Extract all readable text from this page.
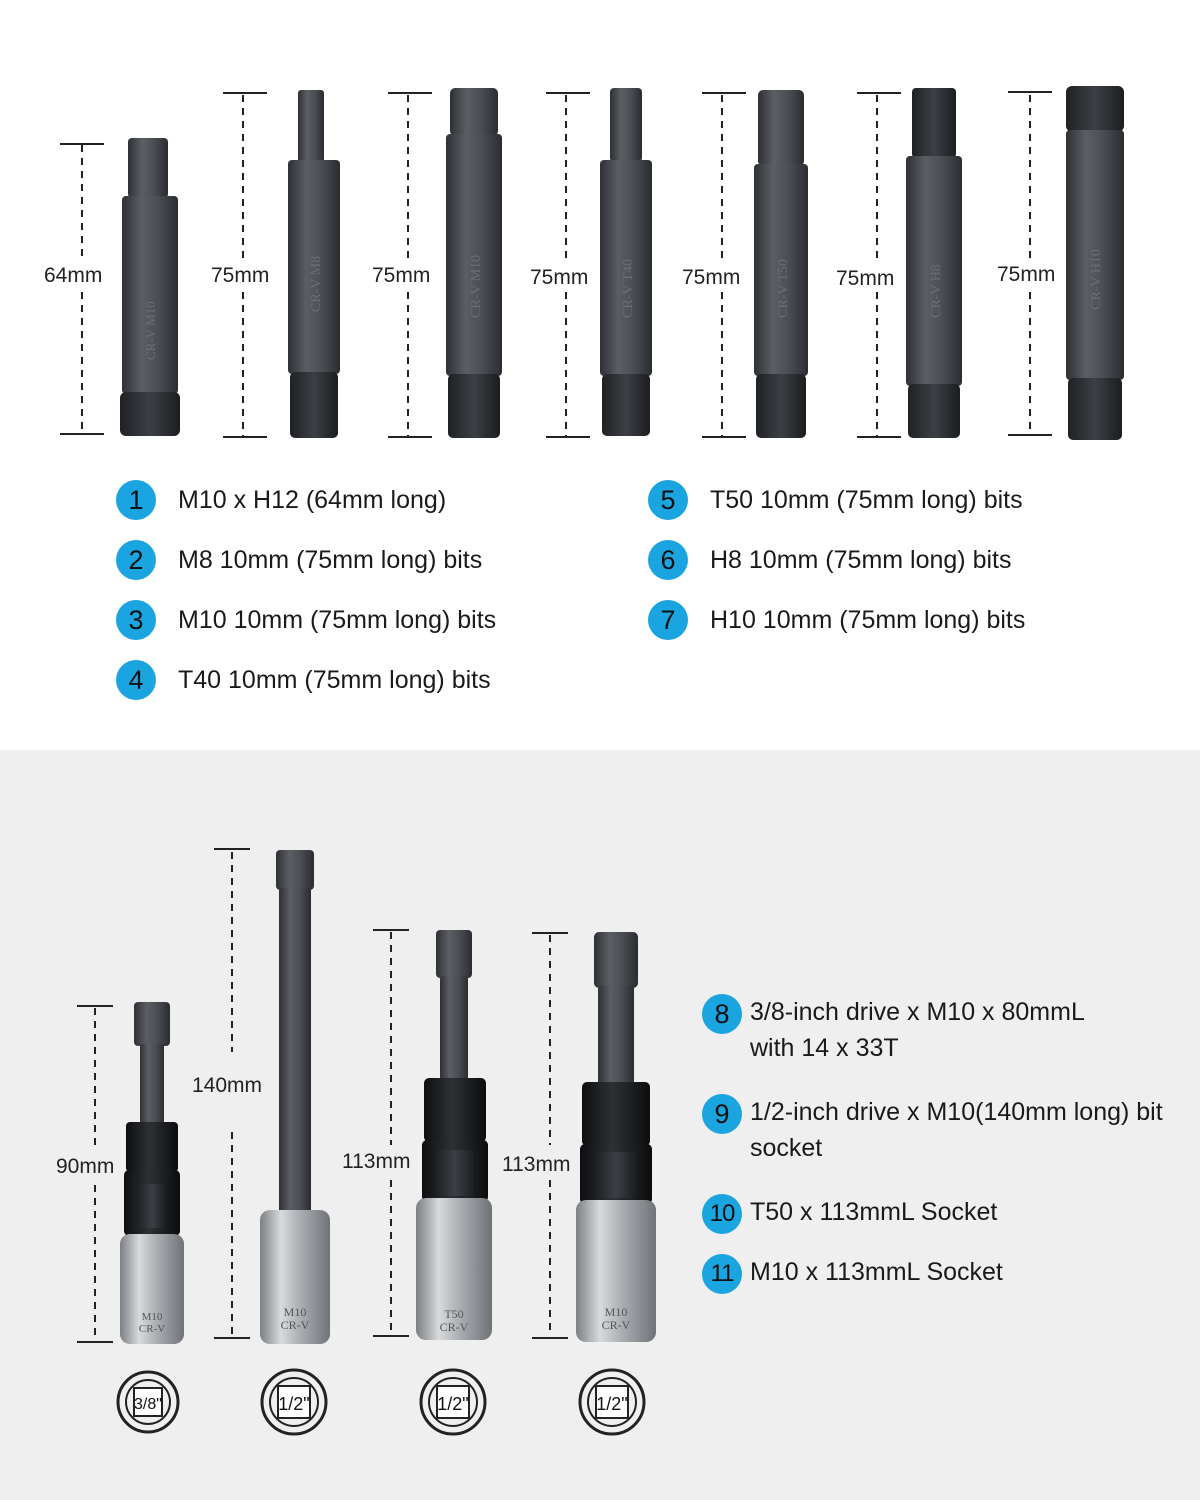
CR-V M10
CR-V M8	CR-V M10	CR-V T40	CR-V T50	CR-V H8	CR-V H10
M10
CR-V
M10
CR-V
T50
CR-V
M10
CR-V
3/8"	1/2"	1/2"	1/2"
64mm	75mm	75mm	75mm	75mm	75mm	75mm
1	M10 x H12 (64mm long)
2	M8 10mm (75mm long) bits
3	M10 10mm (75mm long) bits
4	T40 10mm (75mm long) bits
5	T50 10mm (75mm long) bits
6	H8 10mm (75mm long) bits
7	H10 10mm (75mm long) bits
90mm
140mm
113mm	113mm
8 3/8-inch drive x M10 x 80mmL with 14 x 33T
9 1/2-inch drive x M10(140mm long) bit socket
10 T50 x 113mmL Socket
11 M10 x 113mmL Socket
